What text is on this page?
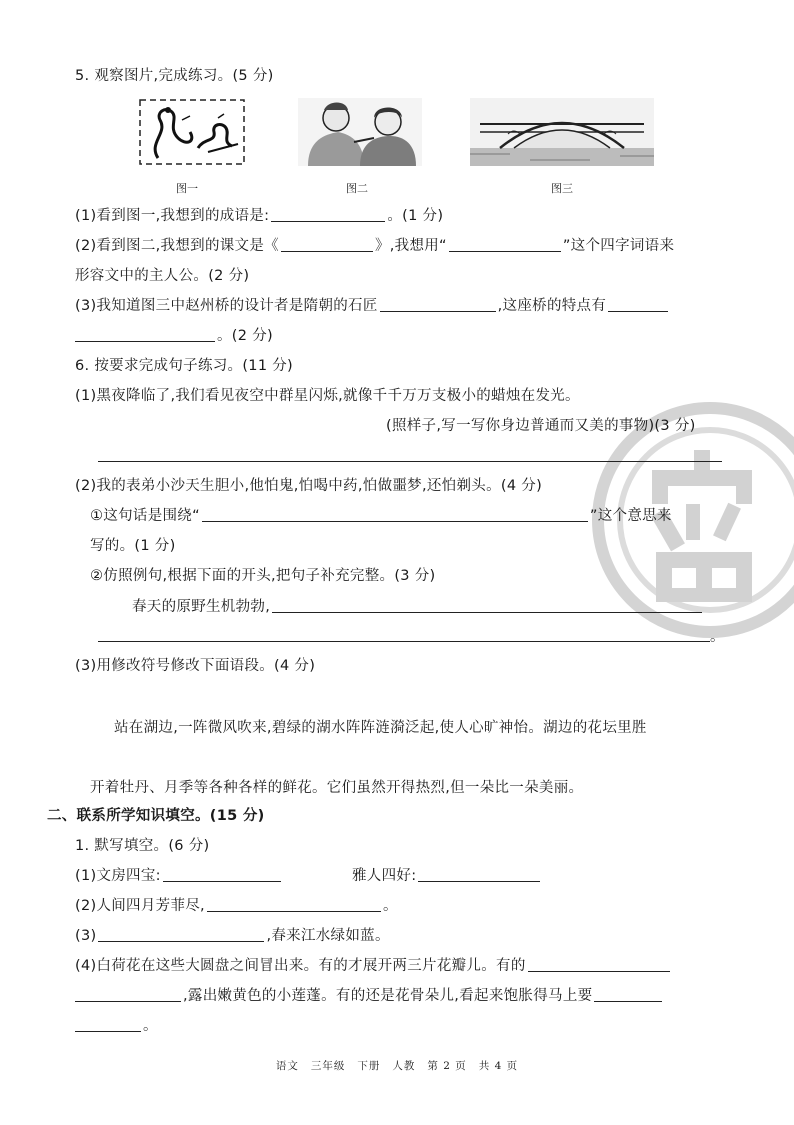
5. 观察图片,完成练习。(5 分)
图一	图二	图三
(1)看到图一,我想到的成语是:	。(1 分)
(2)看到图二,我想到的课文是《	》,我想用“	”这个四字词语来
形容文中的主人公。(2 分)
(3)我知道图三中赵州桥的设计者是隋朝的石匠	,这座桥的特点有
。(2 分)
6. 按要求完成句子练习。(11 分)
(1)黑夜降临了,我们看见夜空中群星闪烁,就像千千万万支极小的蜡烛在发光。
(照样子,写一写你身边普通而又美的事物)(3 分)
(2)我的表弟小沙天生胆小,他怕鬼,怕喝中药,怕做噩梦,还怕剃头。(4 分)
①这句话是围绕“	”这个意思来
写的。(1 分)
②仿照例句,根据下面的开头,把句子补充完整。(3 分)
春天的原野生机勃勃,
。
(3)用修改符号修改下面语段。(4 分)
站在湖边,一阵微风吹来,碧绿的湖水阵阵涟漪泛起,使人心旷神怡。湖边的花坛里胜
开着牡丹、月季等各种各样的鲜花。它们虽然开得热烈,但一朵比一朵美丽。
二、联系所学知识填空。(15 分)
1. 默写填空。(6 分)
(1)文房四宝:	雅人四好:
(2)人间四月芳菲尽,	。
(3)	,春来江水绿如蓝。
(4)白荷花在这些大圆盘之间冒出来。有的才展开两三片花瓣儿。有的
,露出嫩黄色的小莲蓬。有的还是花骨朵儿,看起来饱胀得马上要
。
语文 三年级 下册 人教 第 2 页 共 4 页
